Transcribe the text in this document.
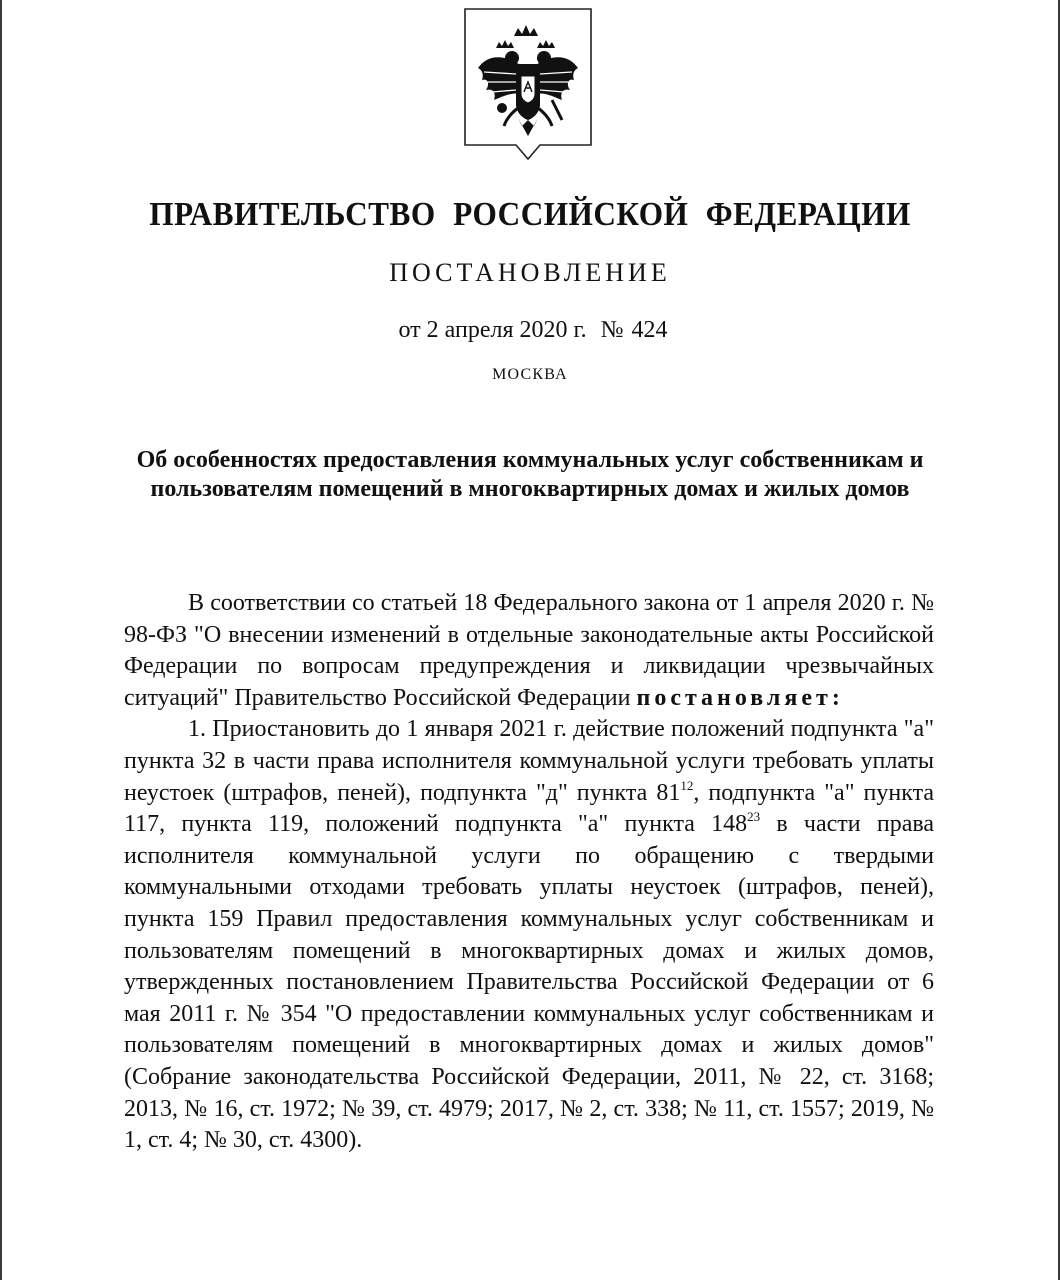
ПРАВИТЕЛЬСТВО РОССИЙСКОЙ ФЕДЕРАЦИИ
ПОСТАНОВЛЕНИЕ
от 2 апреля 2020 г. № 424
МОСКВА
Об особенностях предоставления коммунальных услуг собственникам и пользователям помещений в многоквартирных домах и жилых домов

В соответствии со статьей 18 Федерального закона от 1 апреля 2020 г. № 98-ФЗ "О внесении изменений в отдельные законодательные акты Российской Федерации по вопросам предупреждения и ликвидации чрезвычайных ситуаций" Правительство Российской Федерации постановляет:

1. Приостановить до 1 января 2021 г. действие положений подпункта "а" пункта 32 в части права исполнителя коммунальной услуги требовать уплаты неустоек (штрафов, пеней), подпункта "д" пункта $81^{12}$, подпункта "а" пункта 117, пункта 119, положений подпункта "а" пункта $148^{23}$ в части права исполнителя коммунальной услуги по обращению с твердыми коммунальными отходами требовать уплаты неустоек (штрафов, пеней), пункта 159 Правил предоставления коммунальных услуг собственникам и пользователям помещений в многоквартирных домах и жилых домов, утвержденных постановлением Правительства Российской Федерации от 6 мая 2011 г. № 354 "О предоставлении коммунальных услуг собственникам и пользователям помещений в многоквартирных домах и жилых домов" (Собрание законодательства Российской Федерации, 2011, № 22, ст. 3168; 2013, № 16, ст. 1972; № 39, ст. 4979; 2017, № 2, ст. 338; № 11, ст. 1557; 2019, № 1, ст. 4; № 30, ст. 4300).
